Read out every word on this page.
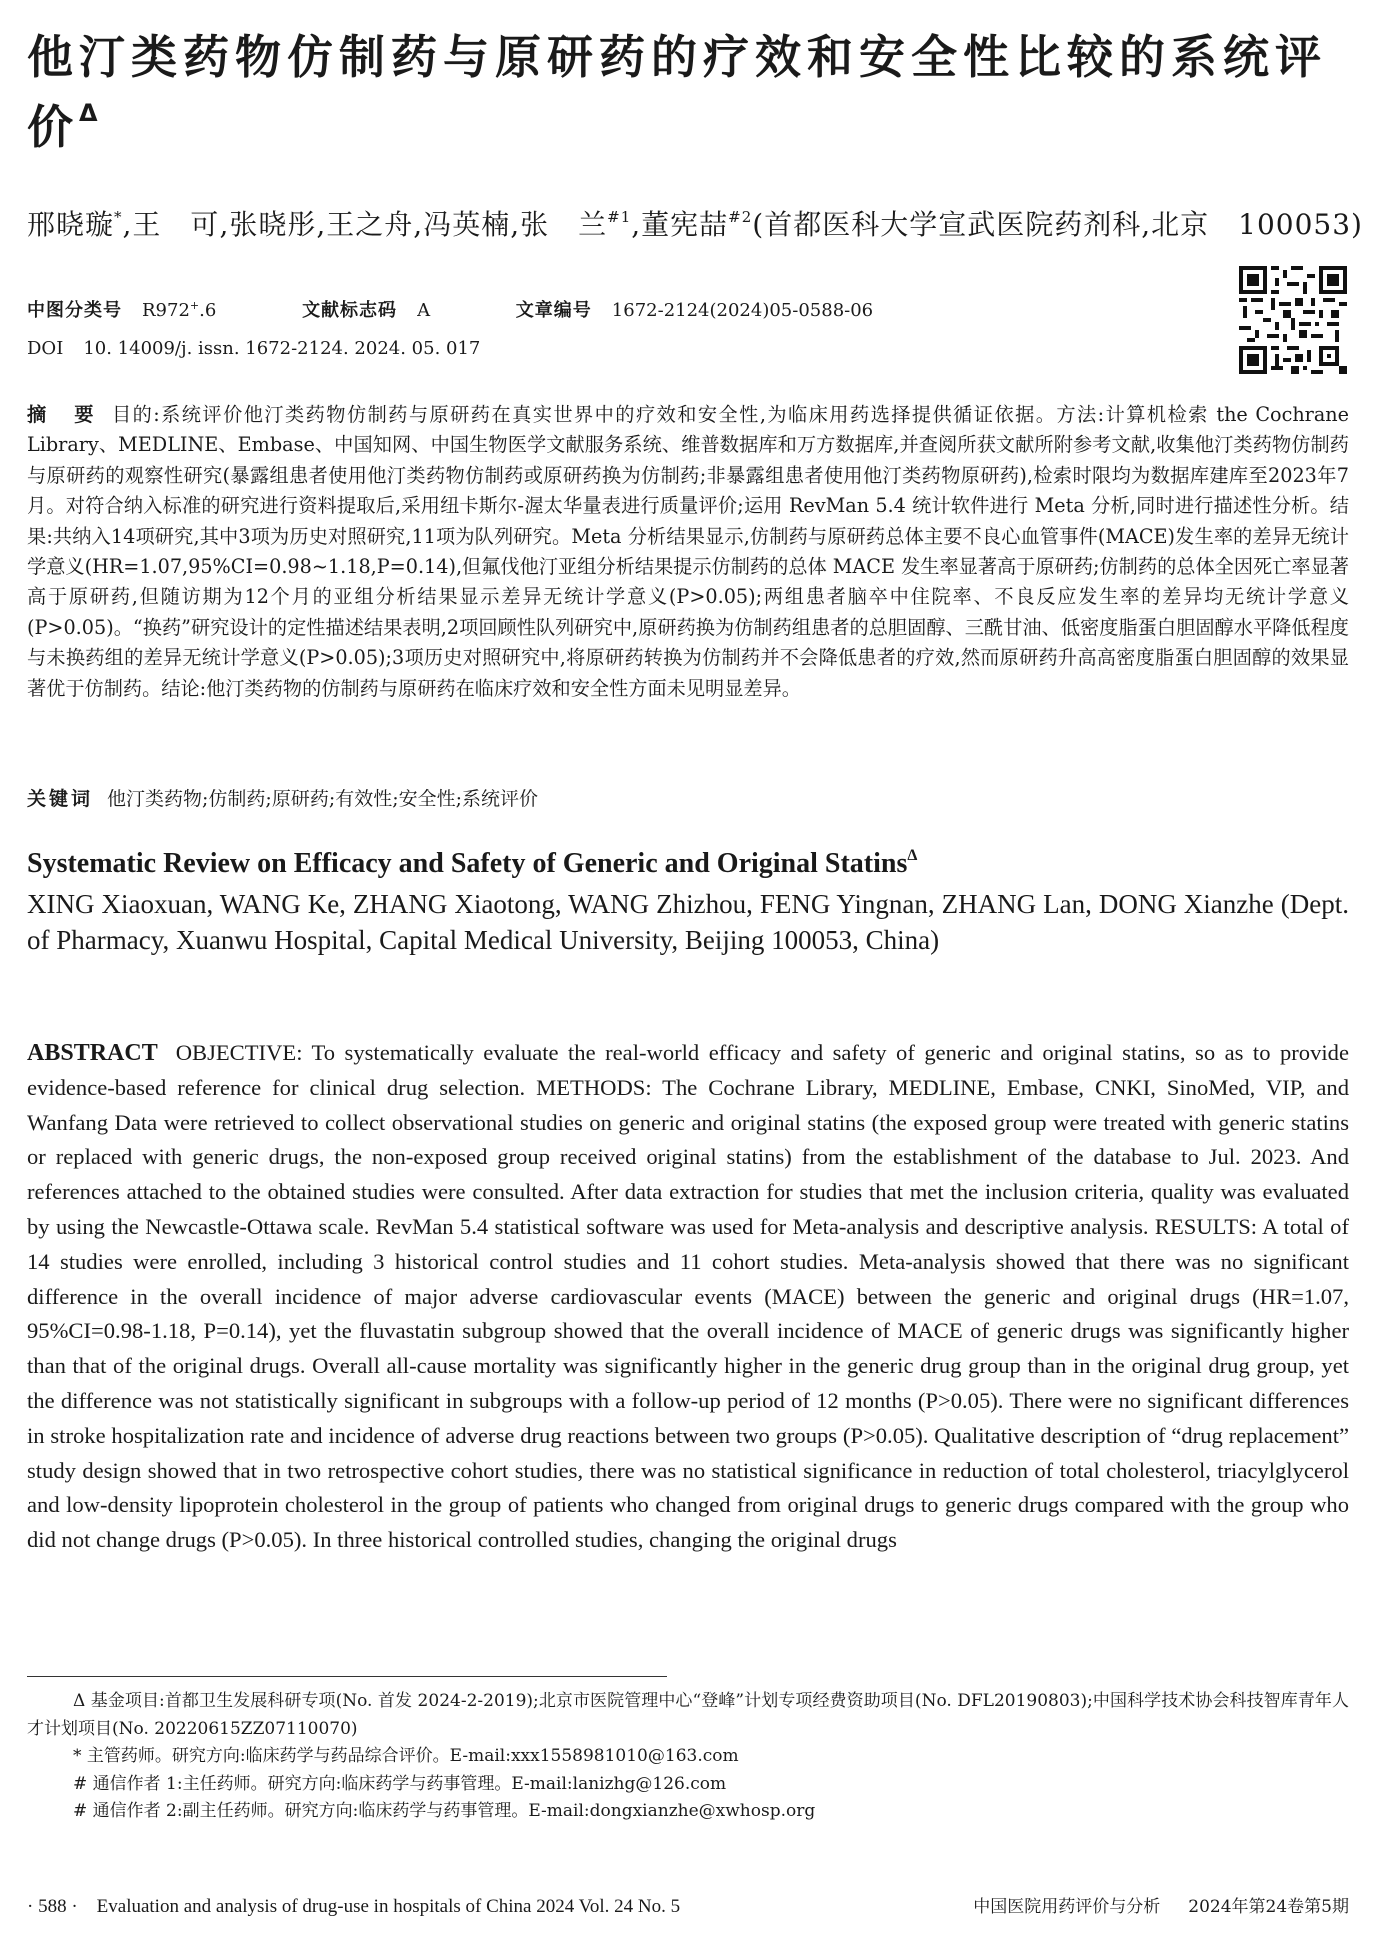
他汀类药物仿制药与原研药的疗效和安全性比较的系统评价$^\Delta$
邢晓璇*,王　可,张晓彤,王之舟,冯英楠,张　兰$^{\#1}$,董宪喆$^{\#2}$(首都医科大学宣武医院药剂科,北京　100053)
中图分类号 R972+.6	文献标志码 A	文章编号 1672-2124(2024)05-0588-06
DOI 10. 14009/j. issn. 1672-2124. 2024. 05. 017

摘　要 目的:系统评价他汀类药物仿制药与原研药在真实世界中的疗效和安全性,为临床用药选择提供循证依据。方法:计算机检索 the Cochrane Library、MEDLINE、Embase、中国知网、中国生物医学文献服务系统、维普数据库和万方数据库,并查阅所获文献所附参考文献,收集他汀类药物仿制药与原研药的观察性研究(暴露组患者使用他汀类药物仿制药或原研药换为仿制药;非暴露组患者使用他汀类药物原研药),检索时限均为数据库建库至2023年7月。对符合纳入标准的研究进行资料提取后,采用纽卡斯尔-渥太华量表进行质量评价;运用 RevMan 5.4 统计软件进行 Meta 分析,同时进行描述性分析。结果:共纳入14项研究,其中3项为历史对照研究,11项为队列研究。Meta 分析结果显示,仿制药与原研药总体主要不良心血管事件(MACE)发生率的差异无统计学意义(HR=1.07,95%CI=0.98~1.18,P=0.14),但氟伐他汀亚组分析结果提示仿制药的总体 MACE 发生率显著高于原研药;仿制药的总体全因死亡率显著高于原研药,但随访期为12个月的亚组分析结果显示差异无统计学意义(P>0.05);两组患者脑卒中住院率、不良反应发生率的差异均无统计学意义(P>0.05)。“换药”研究设计的定性描述结果表明,2项回顾性队列研究中,原研药换为仿制药组患者的总胆固醇、三酰甘油、低密度脂蛋白胆固醇水平降低程度与未换药组的差异无统计学意义(P>0.05);3项历史对照研究中,将原研药转换为仿制药并不会降低患者的疗效,然而原研药升高高密度脂蛋白胆固醇的效果显著优于仿制药。结论:他汀类药物的仿制药与原研药在临床疗效和安全性方面未见明显差异。

关键词 他汀类药物;仿制药;原研药;有效性;安全性;系统评价
Systematic Review on Efficacy and Safety of Generic and Original Statins$^\Delta$
XING Xiaoxuan, WANG Ke, ZHANG Xiaotong, WANG Zhizhou, FENG Yingnan, ZHANG Lan, DONG Xianzhe (Dept. of Pharmacy, Xuanwu Hospital, Capital Medical University, Beijing 100053, China)

ABSTRACT OBJECTIVE: To systematically evaluate the real-world efficacy and safety of generic and original statins, so as to provide evidence-based reference for clinical drug selection. METHODS: The Cochrane Library, MEDLINE, Embase, CNKI, SinoMed, VIP, and Wanfang Data were retrieved to collect observational studies on generic and original statins (the exposed group were treated with generic statins or replaced with generic drugs, the non-exposed group received original statins) from the establishment of the database to Jul. 2023. And references attached to the obtained studies were consulted. After data extraction for studies that met the inclusion criteria, quality was evaluated by using the Newcastle-Ottawa scale. RevMan 5.4 statistical software was used for Meta-analysis and descriptive analysis. RESULTS: A total of 14 studies were enrolled, including 3 historical control studies and 11 cohort studies. Meta-analysis showed that there was no significant difference in the overall incidence of major adverse cardiovascular events (MACE) between the generic and original drugs (HR=1.07, 95%CI=0.98-1.18, P=0.14), yet the fluvastatin subgroup showed that the overall incidence of MACE of generic drugs was significantly higher than that of the original drugs. Overall all-cause mortality was significantly higher in the generic drug group than in the original drug group, yet the difference was not statistically significant in subgroups with a follow-up period of 12 months (P>0.05). There were no significant differences in stroke hospitalization rate and incidence of adverse drug reactions between two groups (P>0.05). Qualitative description of “drug replacement” study design showed that in two retrospective cohort studies, there was no statistical significance in reduction of total cholesterol, triacylglycerol and low-density lipoprotein cholesterol in the group of patients who changed from original drugs to generic drugs compared with the group who did not change drugs (P>0.05). In three historical controlled studies, changing the original drugs

Δ 基金项目:首都卫生发展科研专项(No. 首发 2024-2-2019);北京市医院管理中心“登峰”计划专项经费资助项目(No. DFL20190803);中国科学技术协会科技智库青年人才计划项目(No. 20220615ZZ07110070)

* 主管药师。研究方向:临床药学与药品综合评价。E-mail:xxx1558981010@163.com

# 通信作者 1:主任药师。研究方向:临床药学与药事管理。E-mail:lanizhg@126.com

# 通信作者 2:副主任药师。研究方向:临床药学与药事管理。E-mail:dongxianzhe@xwhosp.org

· 588 ·　Evaluation and analysis of drug-use in hospitals of China 2024 Vol. 24 No. 5	中国医院用药评价与分析 2024年第24卷第5期
